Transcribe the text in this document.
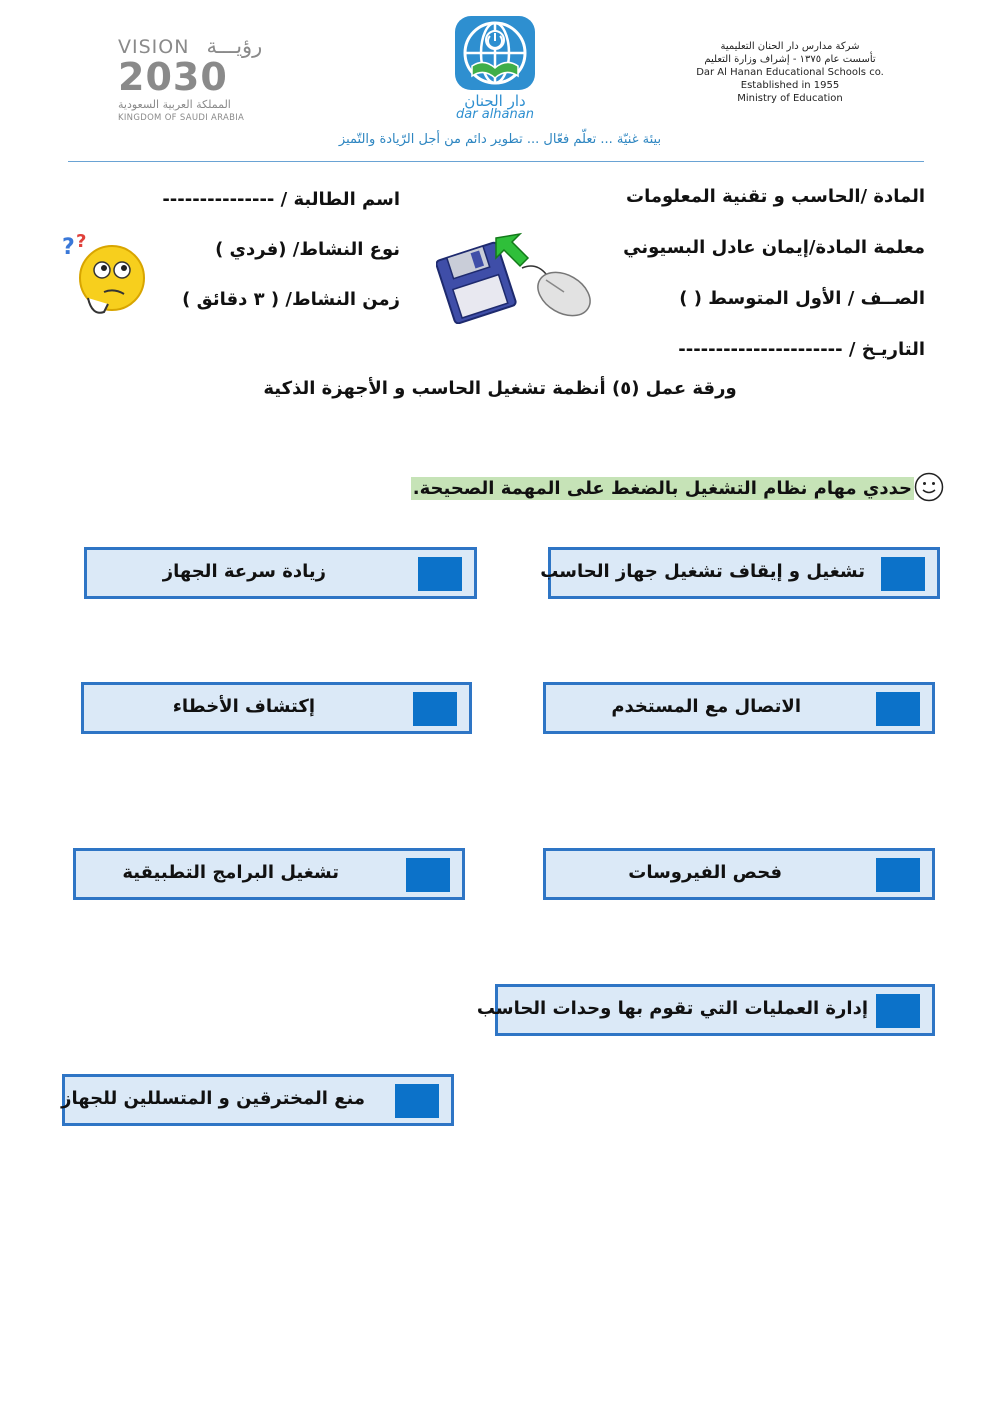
VISION رؤيـــة
2030
المملكة العربية السعودية
KINGDOM OF SAUDI ARABIA
دار الحنان
dar alhanan
بيئة غنيّة ... تعلّم فعّال ... تطوير دائم من أجل الرّيادة والتّميز
شركة مدارس دار الحنان التعليمية
تأسست عام ١٣٧٥ - إشراف وزارة التعليم
Dar Al Hanan Educational Schools co.
Established in 1955
Ministry of Education
المادة /الحاسب و تقنية المعلومات
معلمة المادة/إيمان عادل البسيوني
الصــف / الأول المتوسط ( )
التاريـخ / ----------------------
اسم الطالبة / ---------------
نوع النشاط/ (فردي )
زمن النشاط/ ( ٣ دقائق )
? ?
ورقة عمل (٥) أنظمة تشغيل الحاسب و الأجهزة الذكية
حددي مهام نظام التشغيل بالضغط على المهمة الصحيحة.
تشغيل و إيقاف تشغيل جهاز الحاسب
زيادة سرعة الجهاز
الاتصال مع المستخدم
إكتشاف الأخطاء
فحص الفيروسات
تشغيل البرامج التطبيقية
إدارة العمليات التي تقوم بها وحدات الحاسب
منع المخترقين و المتسللين للجهاز
